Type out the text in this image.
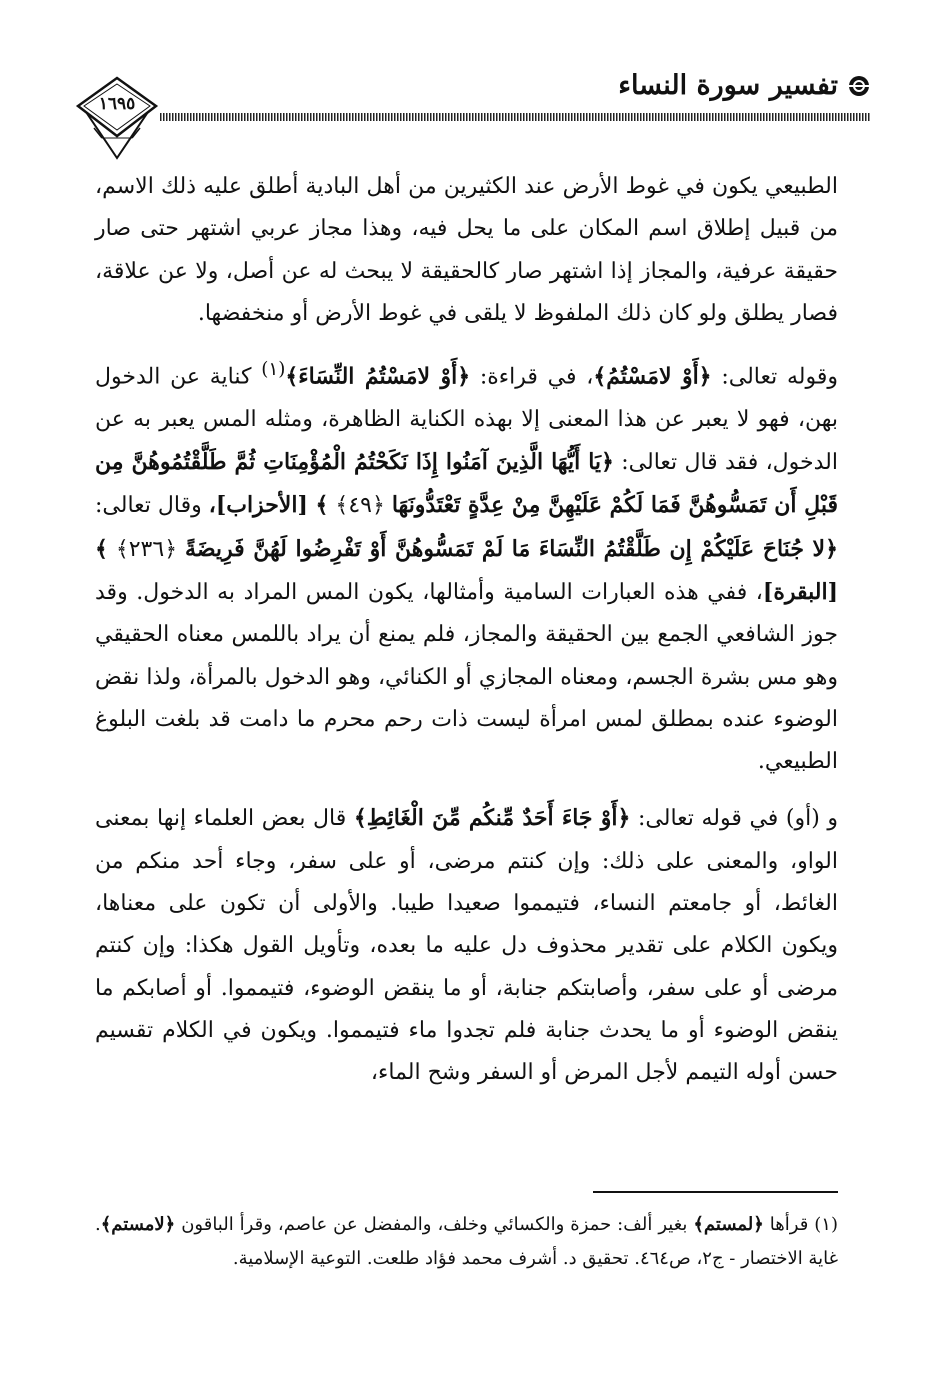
تفسير سورة النساء
١٦٩٥

الطبيعي يكون في غوط الأرض عند الكثيرين من أهل البادية أطلق عليه ذلك الاسم، من قبيل إطلاق اسم المكان على ما يحل فيه، وهذا مجاز عربي اشتهر حتى صار حقيقة عرفية، والمجاز إذا اشتهر صار كالحقيقة لا يبحث له عن أصل، ولا عن علاقة، فصار يطلق ولو كان ذلك الملفوظ لا يلقى في غوط الأرض أو منخفضها.

وقوله تعالى: ﴿أَوْ لامَسْتُمُ﴾، في قراءة: ﴿أَوْ لامَسْتُمُ النِّسَاءَ﴾$^{(١)}$ كناية عن الدخول بهن، فهو لا يعبر عن هذا المعنى إلا بهذه الكناية الظاهرة، ومثله المس يعبر به عن الدخول، فقد قال تعالى: ﴿يَا أَيُّهَا الَّذِينَ آمَنُوا إِذَا نَكَحْتُمُ الْمُؤْمِنَاتِ ثُمَّ طَلَّقْتُمُوهُنَّ مِن قَبْلِ أَن تَمَسُّوهُنَّ فَمَا لَكُمْ عَلَيْهِنَّ مِنْ عِدَّةٍ تَعْتَدُّونَهَا ﴿٤٩﴾ ﴾ [الأحزاب]، وقال تعالى: ﴿لا جُنَاحَ عَلَيْكُمْ إِن طَلَّقْتُمُ النِّسَاءَ مَا لَمْ تَمَسُّوهُنَّ أَوْ تَفْرِضُوا لَهُنَّ فَرِيضَةً ﴿٢٣٦﴾ ﴾ [البقرة]، ففي هذه العبارات السامية وأمثالها، يكون المس المراد به الدخول. وقد جوز الشافعي الجمع بين الحقيقة والمجاز، فلم يمنع أن يراد باللمس معناه الحقيقي وهو مس بشرة الجسم، ومعناه المجازي أو الكنائي، وهو الدخول بالمرأة، ولذا نقض الوضوء عنده بمطلق لمس امرأة ليست ذات رحم محرم ما دامت قد بلغت البلوغ الطبيعي.

و (أو) في قوله تعالى: ﴿أَوْ جَاءَ أَحَدٌ مِّنكُم مِّنَ الْغَائِطِ﴾ قال بعض العلماء إنها بمعنى الواو، والمعنى على ذلك: وإن كنتم مرضى، أو على سفر، وجاء أحد منكم من الغائط، أو جامعتم النساء، فتيمموا صعيدا طيبا. والأولى أن تكون على معناها، ويكون الكلام على تقدير محذوف دل عليه ما بعده، وتأويل القول هكذا: وإن كنتم مرضى أو على سفر، وأصابتكم جنابة، أو ما ينقض الوضوء، فتيمموا. أو أصابكم ما ينقض الوضوء أو ما يحدث جنابة فلم تجدوا ماء فتيمموا. ويكون في الكلام تقسيم حسن أوله التيمم لأجل المرض أو السفر وشح الماء،

(١) قرأها ﴿لمستم﴾ بغير ألف: حمزة والكسائي وخلف، والمفضل عن عاصم، وقرأ الباقون ﴿لامستم﴾. غاية الاختصار - ج٢، ص٤٦٤. تحقيق د. أشرف محمد فؤاد طلعت. التوعية الإسلامية.
